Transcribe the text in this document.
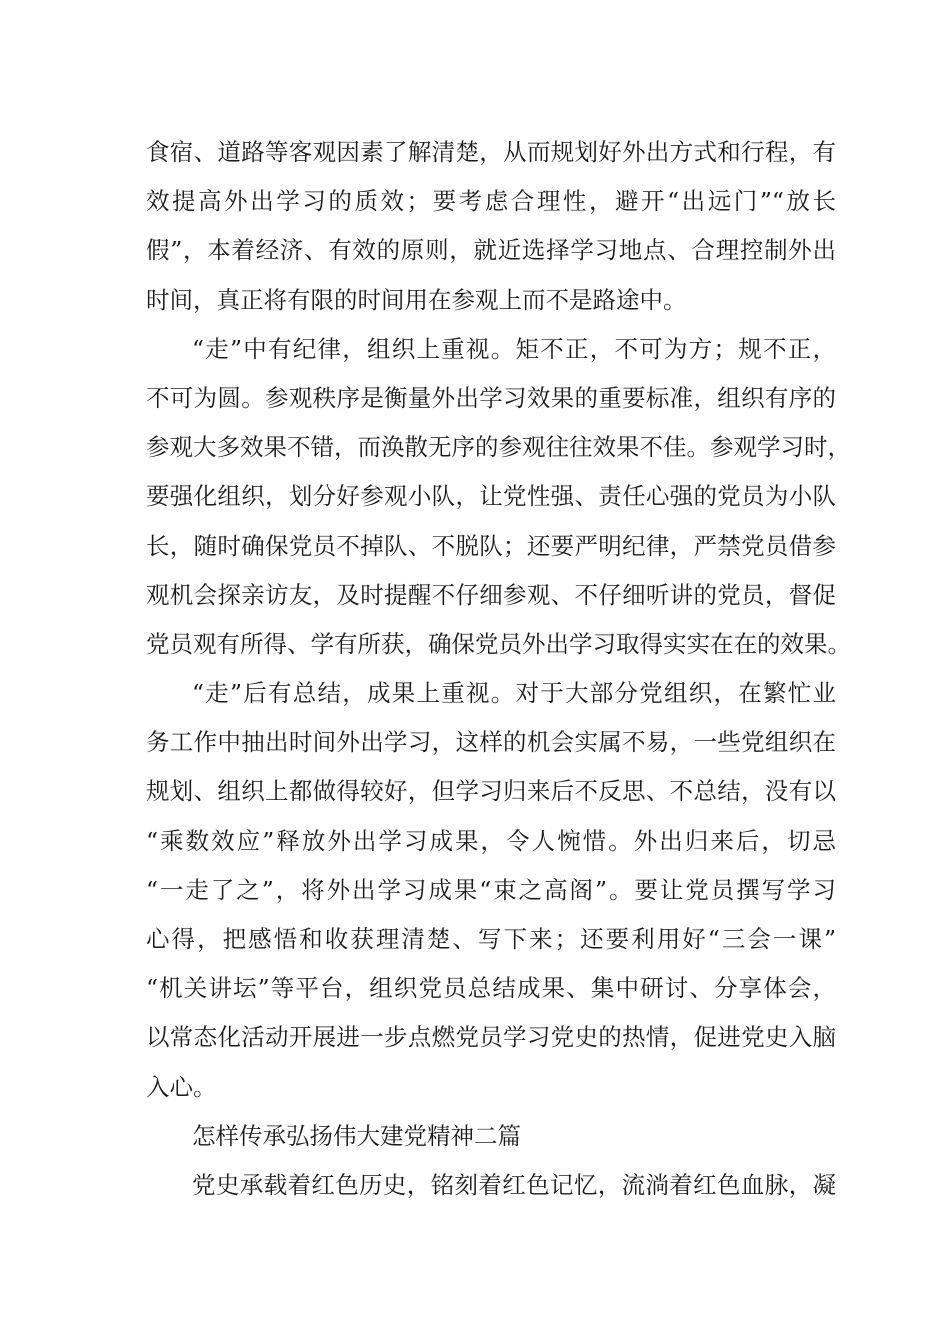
食宿、道路等客观因素了解清楚，从而规划好外出方式和行程，有
效提高外出学习的质效；要考虑合理性，避开“出远门”“放长
假”，本着经济、有效的原则，就近选择学习地点、合理控制外出
时间，真正将有限的时间用在参观上而不是路途中。
“走”中有纪律，组织上重视。矩不正，不可为方；规不正，
不可为圆。参观秩序是衡量外出学习效果的重要标准，组织有序的
参观大多效果不错，而涣散无序的参观往往效果不佳。参观学习时，
要强化组织，划分好参观小队，让党性强、责任心强的党员为小队
长，随时确保党员不掉队、不脱队；还要严明纪律，严禁党员借参
观机会探亲访友，及时提醒不仔细参观、不仔细听讲的党员，督促
党员观有所得、学有所获，确保党员外出学习取得实实在在的效果。
“走”后有总结，成果上重视。对于大部分党组织，在繁忙业
务工作中抽出时间外出学习，这样的机会实属不易，一些党组织在
规划、组织上都做得较好，但学习归来后不反思、不总结，没有以
“乘数效应”释放外出学习成果，令人惋惜。外出归来后，切忌
“一走了之”，将外出学习成果“束之高阁”。要让党员撰写学习
心得，把感悟和收获理清楚、写下来；还要利用好“三会一课”
“机关讲坛”等平台，组织党员总结成果、集中研讨、分享体会，
以常态化活动开展进一步点燃党员学习党史的热情，促进党史入脑
入心。
怎样传承弘扬伟大建党精神二篇
党史承载着红色历史，铭刻着红色记忆，流淌着红色血脉，凝
